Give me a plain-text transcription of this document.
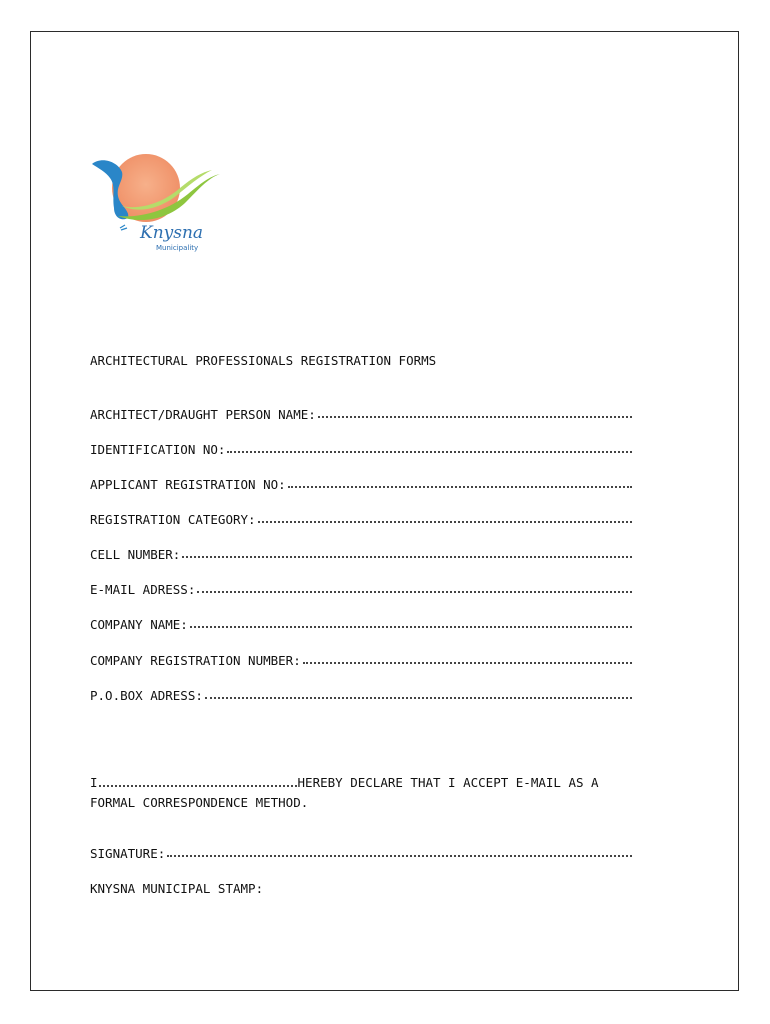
Knysna
Municipality
ARCHITECTURAL PROFESSIONALS REGISTRATION FORMS
ARCHITECT/DRAUGHT PERSON NAME:
IDENTIFICATION NO:
APPLICANT REGISTRATION NO:
REGISTRATION CATEGORY:
CELL NUMBER:
E-MAIL ADRESS:
COMPANY NAME:
COMPANY REGISTRATION NUMBER:
P.O.BOX ADRESS:
I	HEREBY DECLARE THAT I ACCEPT E-MAIL AS A
FORMAL CORRESPONDENCE METHOD.
SIGNATURE:
KNYSNA MUNICIPAL STAMP:
